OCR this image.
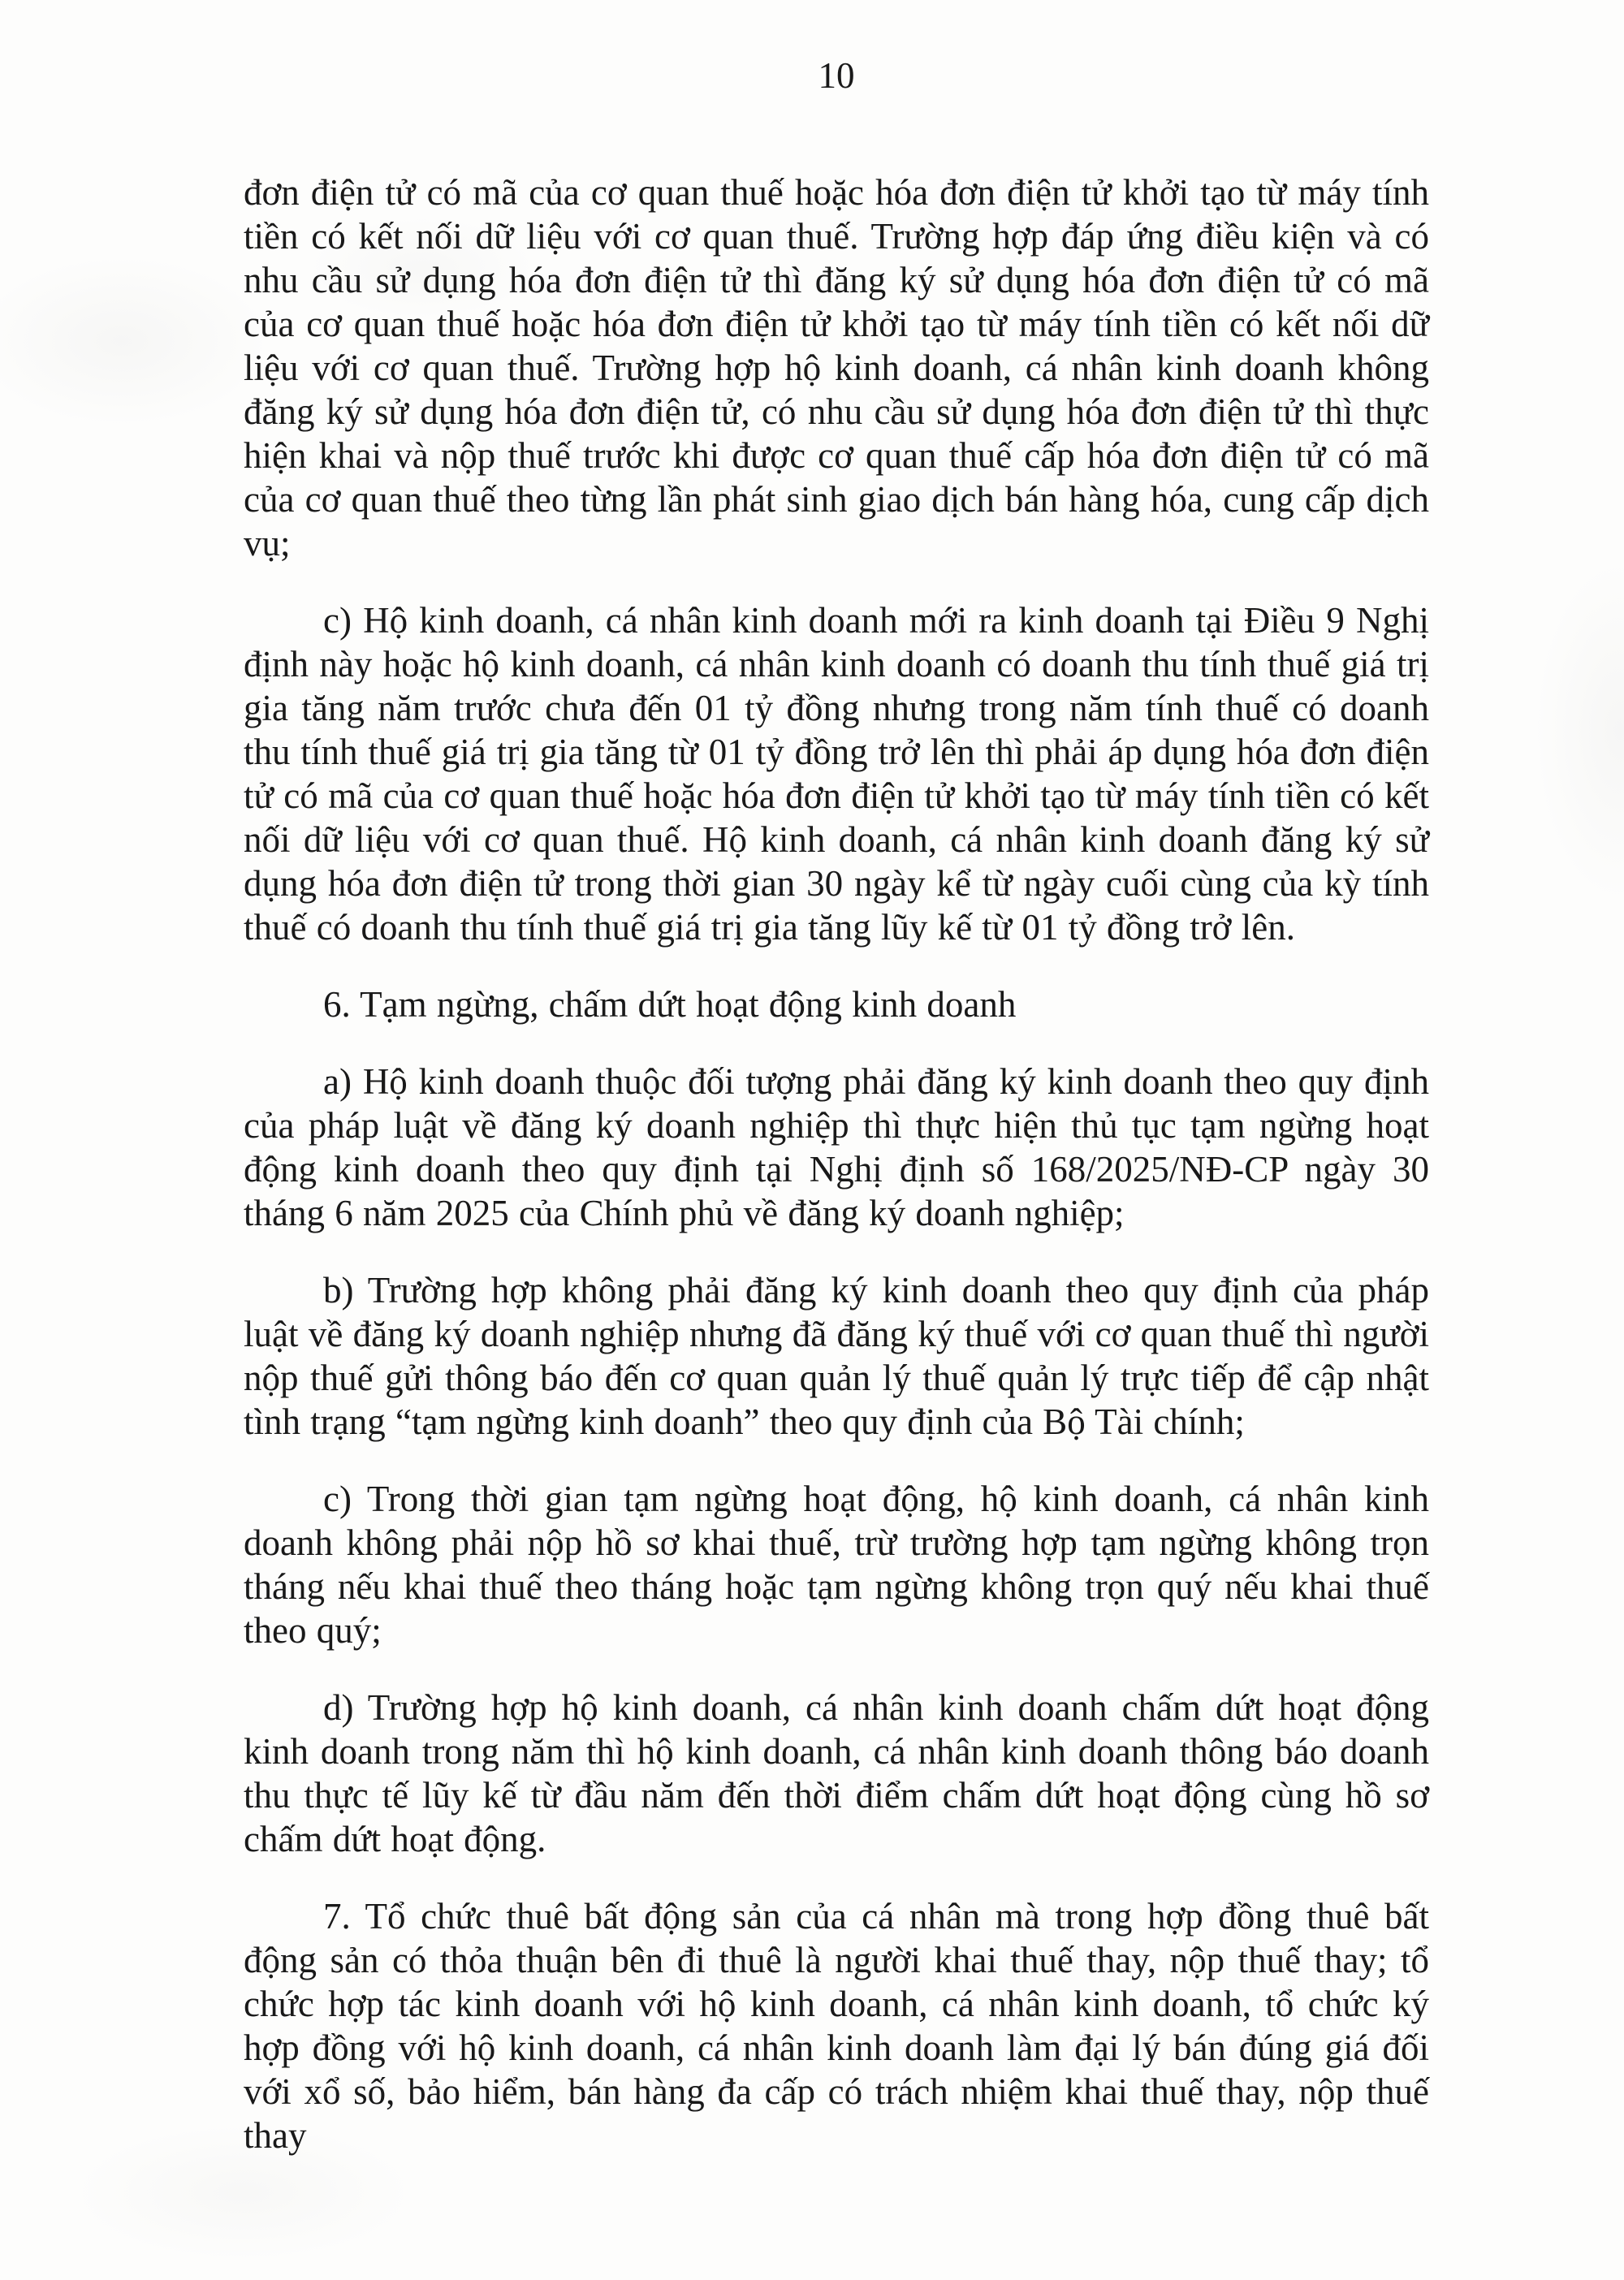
10

đơn điện tử có mã của cơ quan thuế hoặc hóa đơn điện tử khởi tạo từ máy tính tiền có kết nối dữ liệu với cơ quan thuế. Trường hợp đáp ứng điều kiện và có nhu cầu sử dụng hóa đơn điện tử thì đăng ký sử dụng hóa đơn điện tử có mã của cơ quan thuế hoặc hóa đơn điện tử khởi tạo từ máy tính tiền có kết nối dữ liệu với cơ quan thuế. Trường hợp hộ kinh doanh, cá nhân kinh doanh không đăng ký sử dụng hóa đơn điện tử, có nhu cầu sử dụng hóa đơn điện tử thì thực hiện khai và nộp thuế trước khi được cơ quan thuế cấp hóa đơn điện tử có mã của cơ quan thuế theo từng lần phát sinh giao dịch bán hàng hóa, cung cấp dịch vụ;

c) Hộ kinh doanh, cá nhân kinh doanh mới ra kinh doanh tại Điều 9 Nghị định này hoặc hộ kinh doanh, cá nhân kinh doanh có doanh thu tính thuế giá trị gia tăng năm trước chưa đến 01 tỷ đồng nhưng trong năm tính thuế có doanh thu tính thuế giá trị gia tăng từ 01 tỷ đồng trở lên thì phải áp dụng hóa đơn điện tử có mã của cơ quan thuế hoặc hóa đơn điện tử khởi tạo từ máy tính tiền có kết nối dữ liệu với cơ quan thuế. Hộ kinh doanh, cá nhân kinh doanh đăng ký sử dụng hóa đơn điện tử trong thời gian 30 ngày kể từ ngày cuối cùng của kỳ tính thuế có doanh thu tính thuế giá trị gia tăng lũy kế từ 01 tỷ đồng trở lên.

6. Tạm ngừng, chấm dứt hoạt động kinh doanh

a) Hộ kinh doanh thuộc đối tượng phải đăng ký kinh doanh theo quy định của pháp luật về đăng ký doanh nghiệp thì thực hiện thủ tục tạm ngừng hoạt động kinh doanh theo quy định tại Nghị định số 168/2025/NĐ-CP ngày 30 tháng 6 năm 2025 của Chính phủ về đăng ký doanh nghiệp;

b) Trường hợp không phải đăng ký kinh doanh theo quy định của pháp luật về đăng ký doanh nghiệp nhưng đã đăng ký thuế với cơ quan thuế thì người nộp thuế gửi thông báo đến cơ quan quản lý thuế quản lý trực tiếp để cập nhật tình trạng “tạm ngừng kinh doanh” theo quy định của Bộ Tài chính;

c) Trong thời gian tạm ngừng hoạt động, hộ kinh doanh, cá nhân kinh doanh không phải nộp hồ sơ khai thuế, trừ trường hợp tạm ngừng không trọn tháng nếu khai thuế theo tháng hoặc tạm ngừng không trọn quý nếu khai thuế theo quý;

d) Trường hợp hộ kinh doanh, cá nhân kinh doanh chấm dứt hoạt động kinh doanh trong năm thì hộ kinh doanh, cá nhân kinh doanh thông báo doanh thu thực tế lũy kế từ đầu năm đến thời điểm chấm dứt hoạt động cùng hồ sơ chấm dứt hoạt động.

7. Tổ chức thuê bất động sản của cá nhân mà trong hợp đồng thuê bất động sản có thỏa thuận bên đi thuê là người khai thuế thay, nộp thuế thay; tổ chức hợp tác kinh doanh với hộ kinh doanh, cá nhân kinh doanh, tổ chức ký hợp đồng với hộ kinh doanh, cá nhân kinh doanh làm đại lý bán đúng giá đối với xổ số, bảo hiểm, bán hàng đa cấp có trách nhiệm khai thuế thay, nộp thuế thay
